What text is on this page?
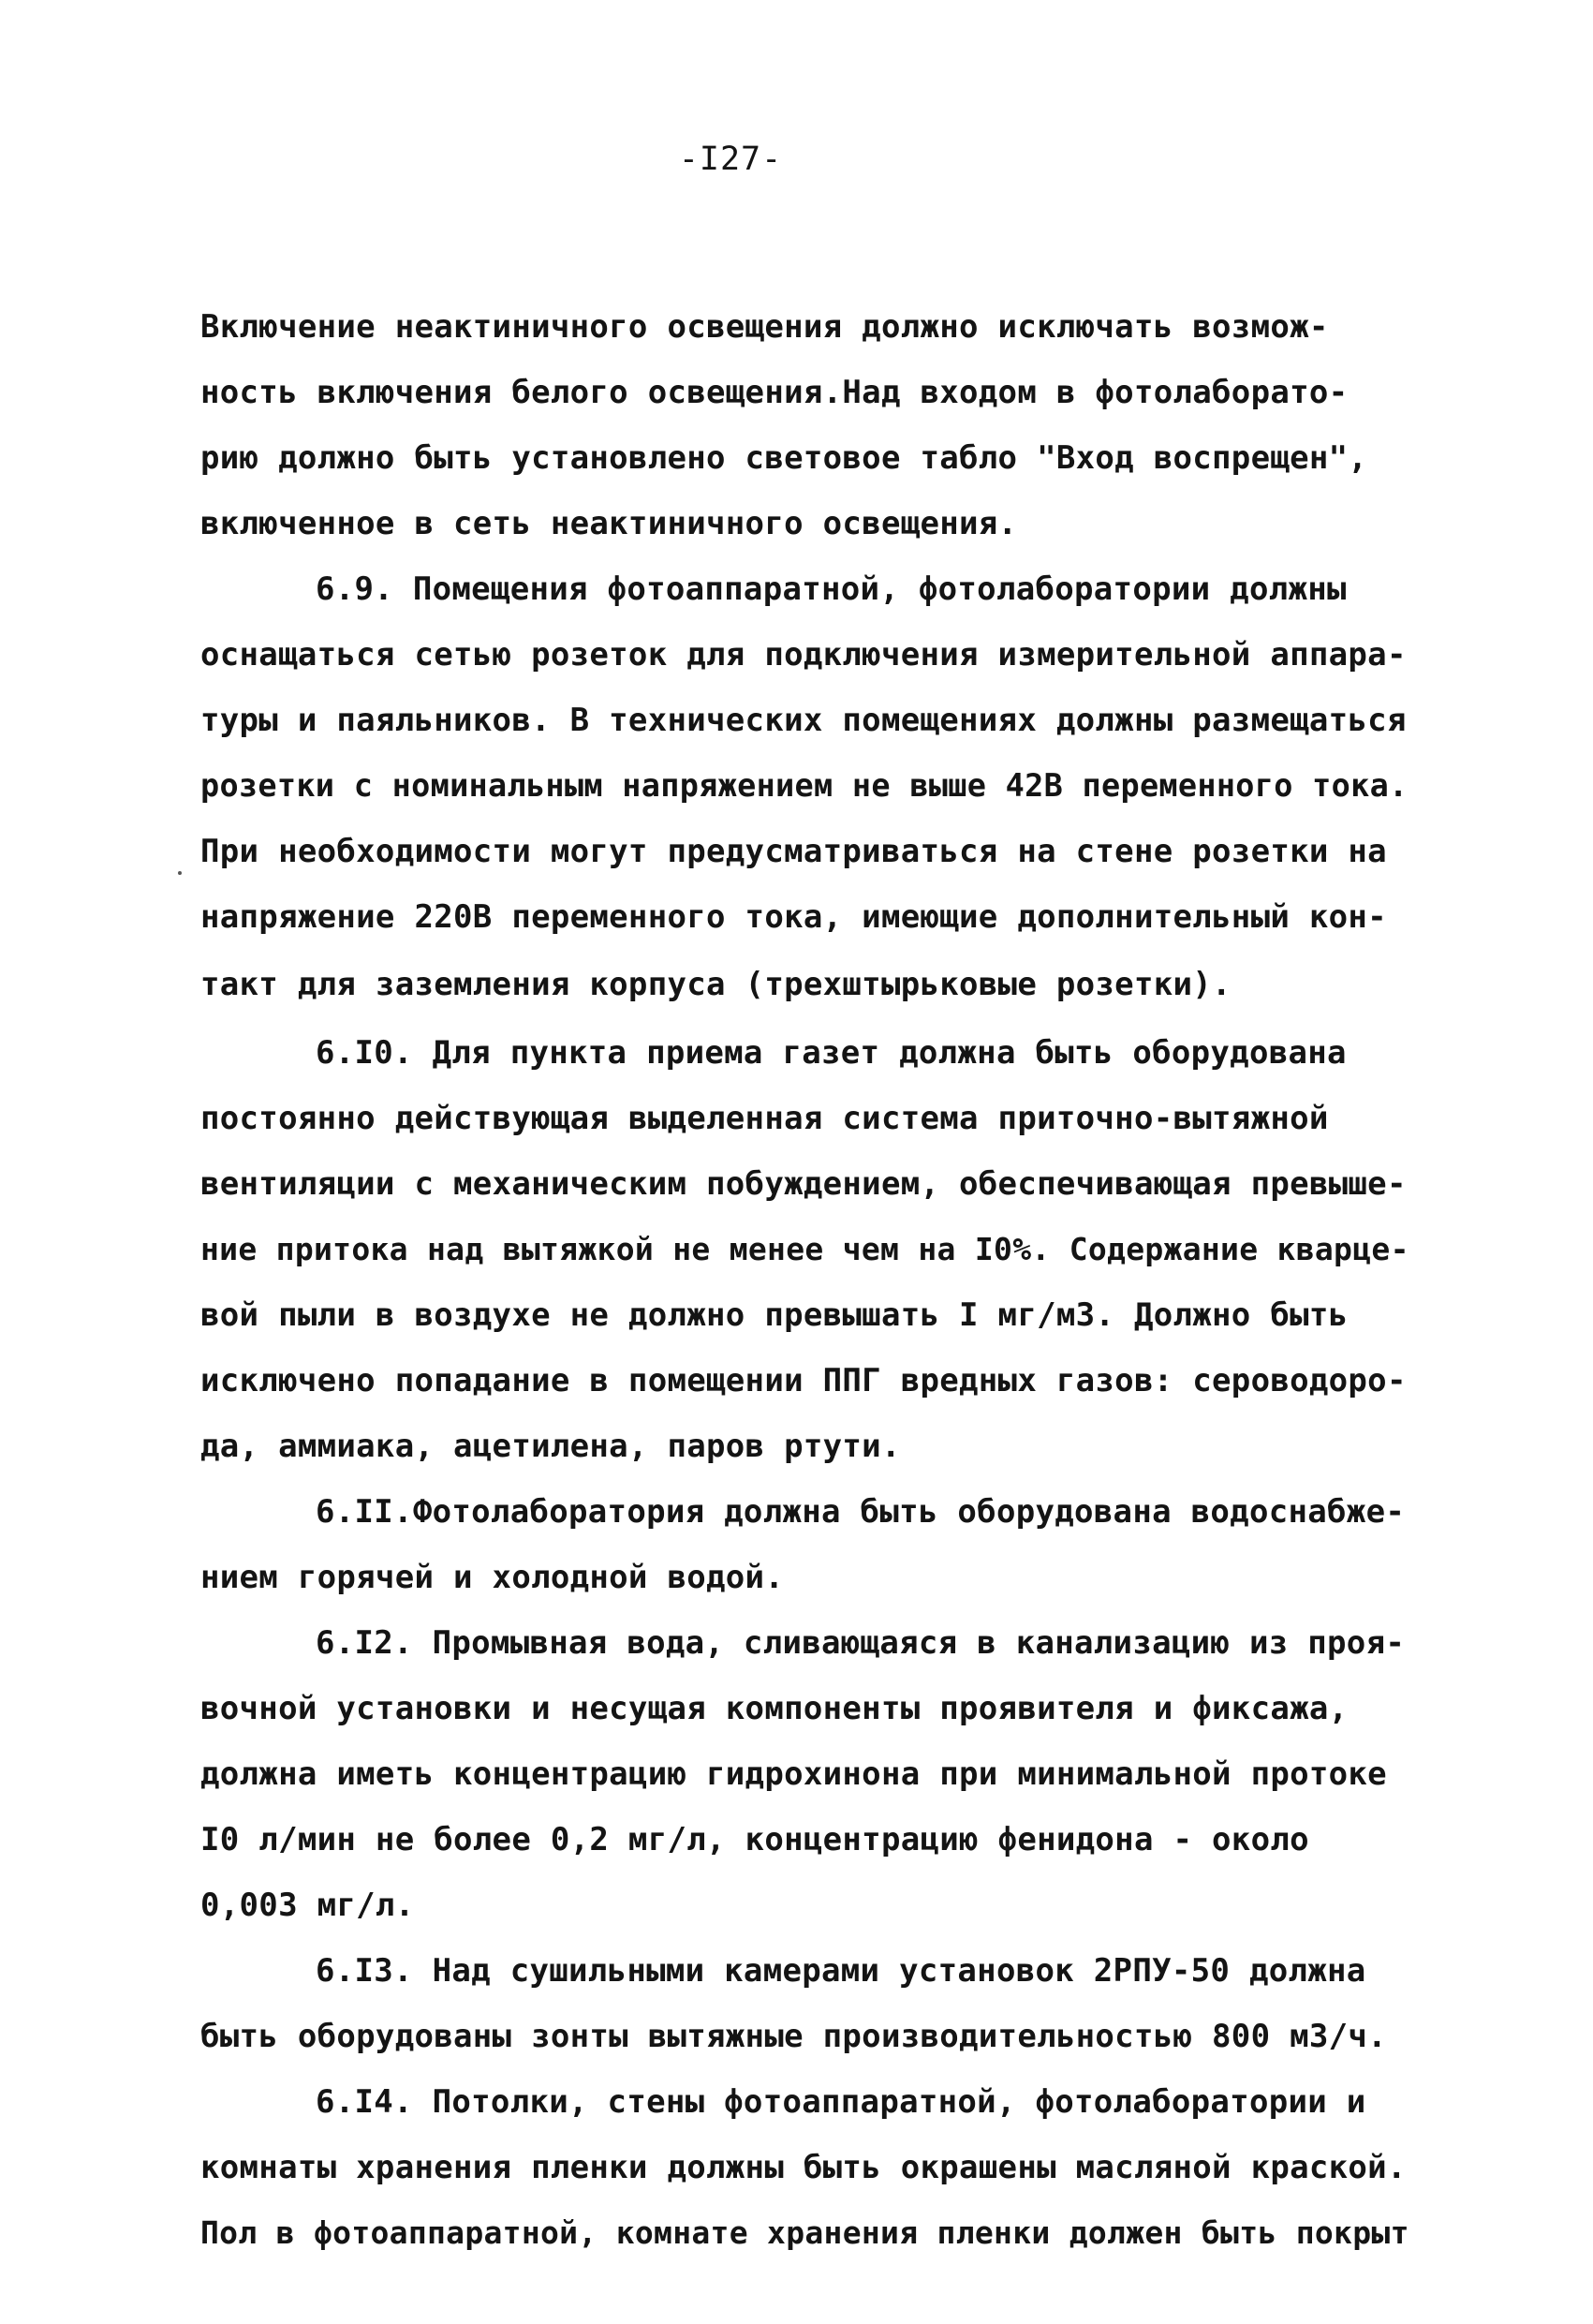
-I27-
Включение неактиничного освещения должно исключать возмож-
ность включения белого освещения.Над входом в фотолаборато-
рию должно быть установлено световое табло "Вход воспрещен",
включенное в сеть неактиничного освещения.
6.9. Помещения фотоаппаратной, фотолаборатории должны
оснащаться сетью розеток для подключения измерительной аппара-
туры и паяльников. В технических помещениях должны размещаться
розетки с номинальным напряжением не выше 42В переменного тока.
При необходимости могут предусматриваться на стене розетки на
напряжение 220В переменного тока, имеющие дополнительный кон-
такт для заземления корпуса (трехштырьковые розетки).
6.I0. Для пункта приема газет должна быть оборудована
постоянно действующая выделенная система приточно-вытяжной
вентиляции с механическим побуждением, обеспечивающая превыше-
ние притока над вытяжкой не менее чем на I0%. Содержание кварце-
вой пыли в воздухе не должно превышать I мг/м3. Должно быть
исключено попадание в помещении ППГ вредных газов: сероводоро-
да, аммиака, ацетилена, паров ртути.
6.II.Фотолаборатория должна быть оборудована водоснабже-
нием горячей и холодной водой.
6.I2. Промывная вода, сливающаяся в канализацию из проя-
вочной установки и несущая компоненты проявителя и фиксажа,
должна иметь концентрацию гидрохинона при минимальной протоке
I0 л/мин не более 0,2 мг/л, концентрацию фенидона - около
0,003 мг/л.
6.I3. Над сушильными камерами установок 2РПУ-50 должна
быть оборудованы зонты вытяжные производительностью 800 м3/ч.
6.I4. Потолки, стены фотоаппаратной, фотолаборатории и
комнаты хранения пленки должны быть окрашены масляной краской.
Пол в фотоаппаратной, комнате хранения пленки должен быть покрыт
